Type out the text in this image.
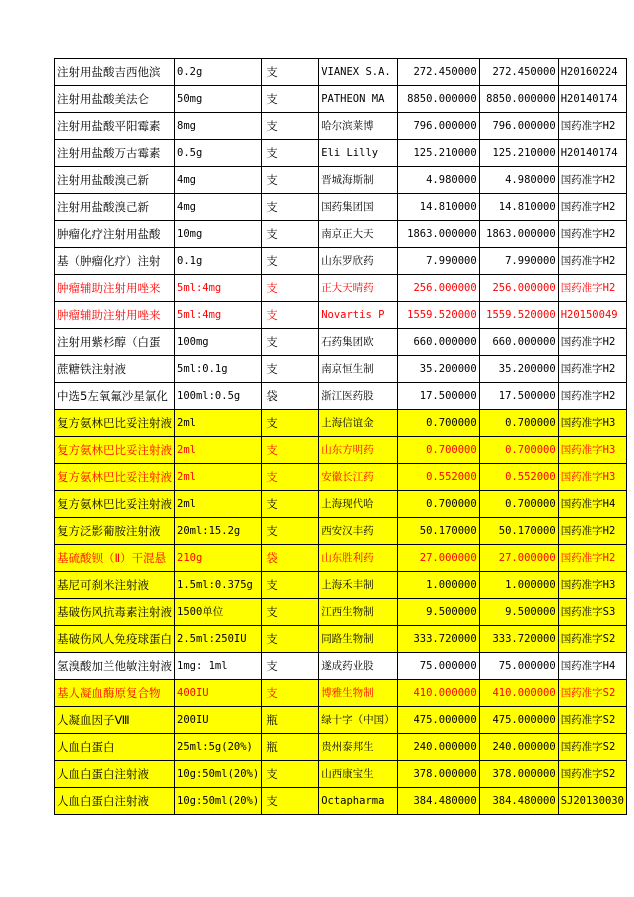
注射用盐酸吉西他滨	0.2g	支	VIANEX S.A.	272.450000	272.450000	H20160224
注射用盐酸美法仑	50mg	支	PATHEON MA	8850.000000	8850.000000	H20140174
注射用盐酸平阳霉素	8mg	支	哈尔滨莱博	796.000000	796.000000	国药准字H2
注射用盐酸万古霉素	0.5g	支	Eli Lilly	125.210000	125.210000	H20140174
注射用盐酸溴己新	4mg	支	晋城海斯制	4.980000	4.980000	国药准字H2
注射用盐酸溴己新	4mg	支	国药集团国	14.810000	14.810000	国药准字H2
肿瘤化疗注射用盐酸	10mg	支	南京正大天	1863.000000	1863.000000	国药准字H2
基（肿瘤化疗）注射	0.1g	支	山东罗欣药	7.990000	7.990000	国药准字H2
肿瘤辅助注射用唑来	5ml:4mg	支	正大天晴药	256.000000	256.000000	国药准字H2
肿瘤辅助注射用唑来	5ml:4mg	支	Novartis P	1559.520000	1559.520000	H20150049
注射用紫杉醇（白蛋	100mg	支	石药集团欧	660.000000	660.000000	国药准字H2
蔗糖铁注射液	5ml:0.1g	支	南京恒生制	35.200000	35.200000	国药准字H2
中选5左氧氟沙星氯化	100ml:0.5g	袋	浙江医药股	17.500000	17.500000	国药准字H2
复方氨林巴比妥注射液	2ml	支	上海信谊金	0.700000	0.700000	国药准字H3
复方氨林巴比妥注射液	2ml	支	山东方明药	0.700000	0.700000	国药准字H3
复方氨林巴比妥注射液	2ml	支	安徽长江药	0.552000	0.552000	国药准字H3
复方氨林巴比妥注射液	2ml	支	上海现代哈	0.700000	0.700000	国药准字H4
复方泛影葡胺注射液	20ml:15.2g	支	西安汉丰药	50.170000	50.170000	国药准字H2
基硫酸钡（Ⅱ）干混悬	210g	袋	山东胜利药	27.000000	27.000000	国药准字H2
基尼可刹米注射液	1.5ml:0.375g	支	上海禾丰制	1.000000	1.000000	国药准字H3
基破伤风抗毒素注射液	1500单位	支	江西生物制	9.500000	9.500000	国药准字S3
基破伤风人免疫球蛋白	2.5ml:250IU	支	同路生物制	333.720000	333.720000	国药准字S2
氢溴酸加兰他敏注射液	1mg: 1ml	支	遂成药业股	75.000000	75.000000	国药准字H4
基人凝血酶原复合物	400IU	支	博雅生物制	410.000000	410.000000	国药准字S2
人凝血因子Ⅷ	200IU	瓶	绿十字（中国）	475.000000	475.000000	国药准字S2
人血白蛋白	25ml:5g(20%)	瓶	贵州泰邦生	240.000000	240.000000	国药准字S2
人血白蛋白注射液	10g:50ml(20%)	支	山西康宝生	378.000000	378.000000	国药准字S2
人血白蛋白注射液	10g:50ml(20%)	支	Octapharma	384.480000	384.480000	SJ20130030
